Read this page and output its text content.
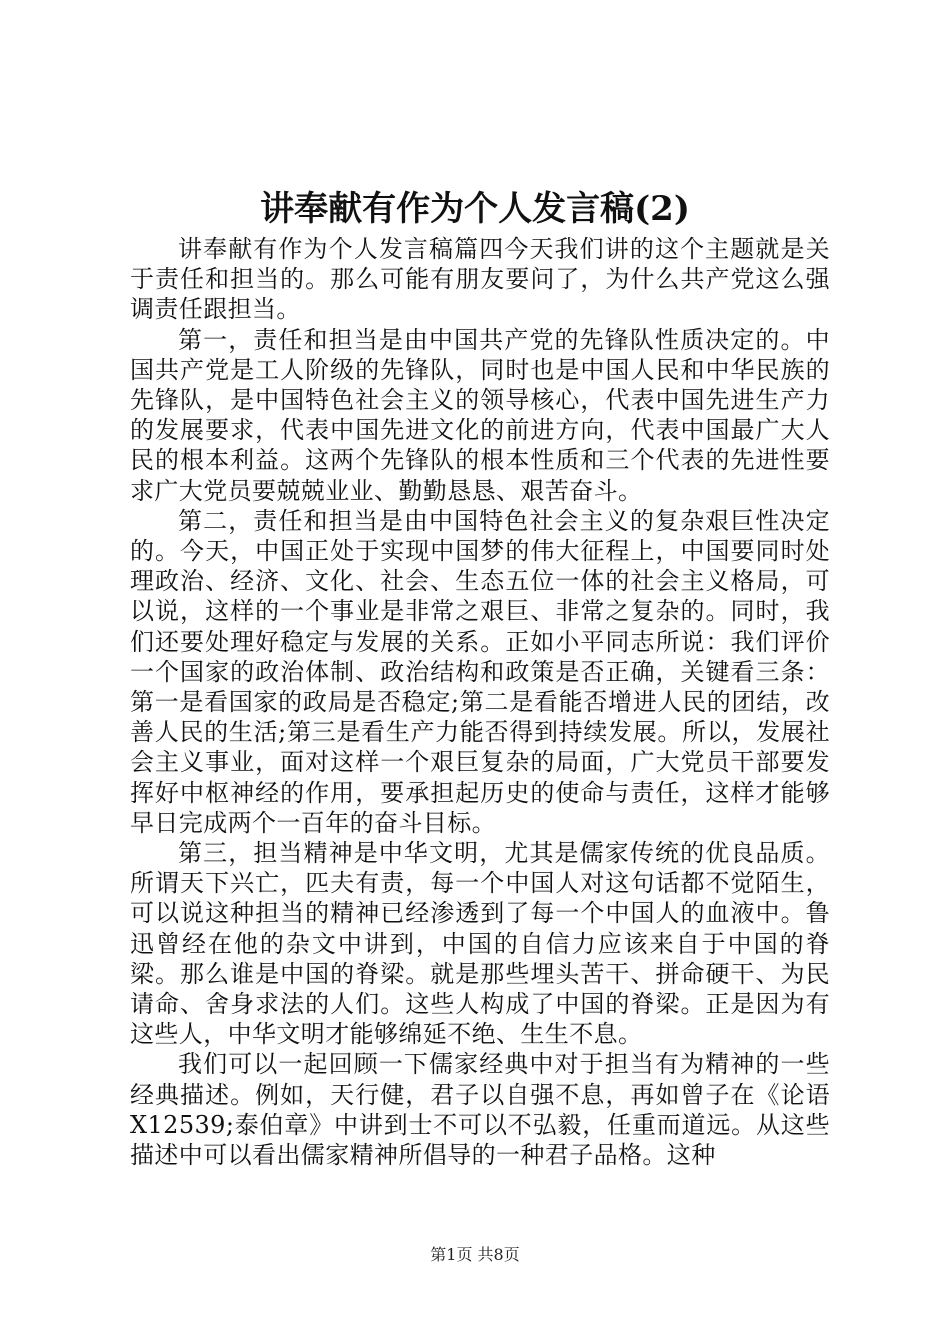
讲奉献有作为个人发言稿(2)

讲奉献有作为个人发言稿篇四今天我们讲的这个主题就是关于责任和担当的。那么可能有朋友要问了，为什么共产党这么强调责任跟担当。

第一，责任和担当是由中国共产党的先锋队性质决定的。中国共产党是工人阶级的先锋队，同时也是中国人民和中华民族的先锋队，是中国特色社会主义的领导核心，代表中国先进生产力的发展要求，代表中国先进文化的前进方向，代表中国最广大人民的根本利益。这两个先锋队的根本性质和三个代表的先进性要求广大党员要兢兢业业、勤勤恳恳、艰苦奋斗。

第二，责任和担当是由中国特色社会主义的复杂艰巨性决定的。今天，中国正处于实现中国梦的伟大征程上，中国要同时处理政治、经济、文化、社会、生态五位一体的社会主义格局，可以说，这样的一个事业是非常之艰巨、非常之复杂的。同时，我们还要处理好稳定与发展的关系。正如小平同志所说：我们评价一个国家的政治体制、政治结构和政策是否正确，关键看三条：第一是看国家的政局是否稳定;第二是看能否增进人民的团结，改善人民的生活;第三是看生产力能否得到持续发展。所以，发展社会主义事业，面对这样一个艰巨复杂的局面，广大党员干部要发挥好中枢神经的作用，要承担起历史的使命与责任，这样才能够早日完成两个一百年的奋斗目标。

第三，担当精神是中华文明，尤其是儒家传统的优良品质。所谓天下兴亡，匹夫有责，每一个中国人对这句话都不觉陌生，可以说这种担当的精神已经渗透到了每一个中国人的血液中。鲁迅曾经在他的杂文中讲到，中国的自信力应该来自于中国的脊梁。那么谁是中国的脊梁。就是那些埋头苦干、拼命硬干、为民请命、舍身求法的人们。这些人构成了中国的脊梁。正是因为有这些人，中华文明才能够绵延不绝、生生不息。

我们可以一起回顾一下儒家经典中对于担当有为精神的一些经典描述。例如，天行健，君子以自强不息，再如曾子在《论语X12539;泰伯章》中讲到士不可以不弘毅，任重而道远。从这些描述中可以看出儒家精神所倡导的一种君子品格。这种

第1页 共8页
